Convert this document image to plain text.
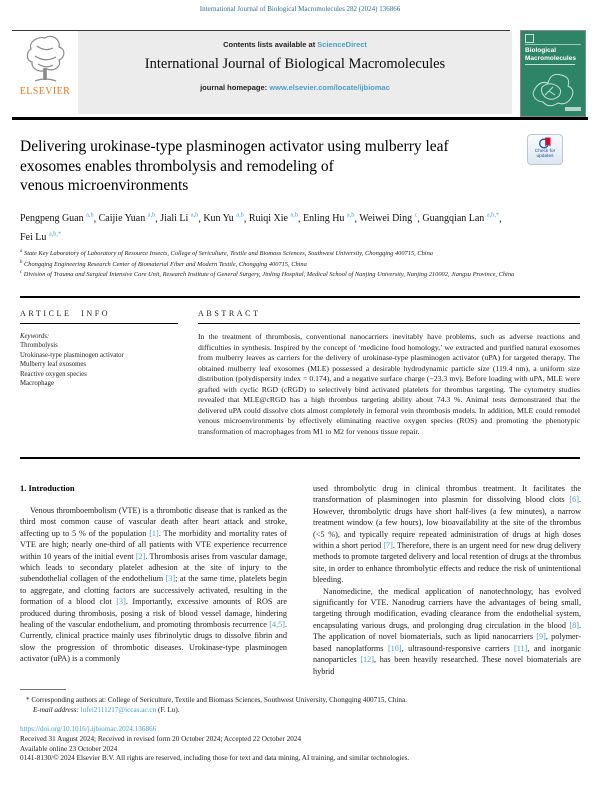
International Journal of Biological Macromolecules 282 (2024) 136866
ELSEVIER
Contents lists available at ScienceDirect
International Journal of Biological Macromolecules
journal homepage: www.elsevier.com/locate/ijbiomac
Biological Macromolecules
Delivering urokinase-type plasminogen activator using mulberry leaf
exosomes enables thrombolysis and remodeling of
venous microenvironments
Check for updates
Pengpeng Guan $^{a,b}$, Caijie Yuan $^{a,b}$, Jiali Li $^{a,b}$, Kun Yu $^{a,b}$, Ruiqi Xie $^{a,b}$, Enling Hu $^{a,b}$, Weiwei Ding $^c$, Guangqian Lan $^{a,b,*}$, Fei Lu $^{a,b,*}$
$^a$ State Key Laboratory of Laboratory of Resource Insects, College of Sericulture, Textile and Biomass Sciences, Southwest University, Chongqing 400715, China
$^b$ Chongqing Engineering Research Center of Biomaterial Fiber and Modern Textile, Chongqing 400715, China
$^c$ Division of Trauma and Surgical Intensive Care Unit, Research Institute of General Surgery, Jinling Hospital, Medical School of Nanjing University, Nanjing 210002, Jiangsu Province, China
ARTICLE INFO	ABSTRACT
Keywords:
Thrombolysis
Urokinase-type plasminogen activator
Mulberry leaf exosomes
Reactive oxygen species
Macrophage
In the treatment of thrombosis, conventional nanocarriers inevitably have problems, such as adverse reactions and difficulties in synthesis. Inspired by the concept of ‘medicine food homology,’ we extracted and purified natural exosomes from mulberry leaves as carriers for the delivery of urokinase-type plasminogen activator (uPA) for targeted therapy. The obtained mulberry leaf exosomes (MLE) possessed a desirable hydrodynamic particle size (119.4 nm), a uniform size distribution (polydispersity index = 0.174), and a negative surface charge (−23.3 mv). Before loading with uPA, MLE were grafted with cyclic RGD (cRGD) to selectively bind activated platelets for thrombus targeting. The cytometry studies revealed that MLE@cRGD has a high thrombus targeting ability about 74.3 %. Animal tests demonstrated that the delivered uPA could dissolve clots almost completely in femoral vein thrombosis models. In addition, MLE could remodel venous microenvironments by effectively eliminating reactive oxygen species (ROS) and promoting the phenotypic transformation of macrophages from M1 to M2 for venous tissue repair.
1. Introduction

Venous thromboembolism (VTE) is a thrombotic disease that is ranked as the third most common cause of vascular death after heart attack and stroke, affecting up to 5 % of the population [1]. The morbidity and mortality rates of VTE are high; nearly one-third of all patients with VTE experience recurrence within 10 years of the initial event [2]. Thrombosis arises from vascular damage, which leads to secondary platelet adhesion at the site of injury to the subendothelial collagen of the endothelium [3]; at the same time, platelets begin to aggregate, and clotting factors are successively activated, resulting in the formation of a blood clot [3]. Importantly, excessive amounts of ROS are produced during thrombosis, posing a risk of blood vessel damage, hindering healing of the vascular endothelium, and promoting thrombosis recurrence [4,5]. Currently, clinical practice mainly uses fibrinolytic drugs to dissolve fibrin and slow the progression of thrombotic diseases. Urokinase-type plasminogen activator (uPA) is a commonly

used thrombolytic drug in clinical thrombus treatment. It facilitates the transformation of plasminogen into plasmin for dissolving blood clots [6]. However, thrombolytic drugs have short half-lives (a few minutes), a narrow treatment window (a few hours), low bioavailability at the site of the thrombus (<5 %), and typically require repeated administration of drugs at high doses within a short period [7]. Therefore, there is an urgent need for new drug delivery methods to promote targeted delivery and local retention of drugs at the thrombus site, in order to enhance thrombolytic effects and reduce the risk of unintentional bleeding.

Nanomedicine, the medical application of nanotechnology, has evolved significantly for VTE. Nanodrug carriers have the advantages of being small, targeting through modification, evading clearance from the endothelial system, encapsulating various drugs, and prolonging drug circulation in the blood [8]. The application of novel biomaterials, such as lipid nanocarriers [9], polymer-based nanoplatforms [10], ultrasound-responsive carriers [11], and inorganic nanoparticles [12], has been heavily researched. These novel biomaterials are hybrid

* Corresponding authors at: College of Sericulture, Textile and Biomass Sciences, Southwest University, Chongqing 400715, China.
E-mail address: lufei2111217@iccas.ac.cn (F. Lu).
https://doi.org/10.1016/j.ijbiomac.2024.136866
Received 31 August 2024; Received in revised form 20 October 2024; Accepted 22 October 2024
Available online 23 October 2024
0141-8130/© 2024 Elsevier B.V. All rights are reserved, including those for text and data mining, AI training, and similar technologies.
